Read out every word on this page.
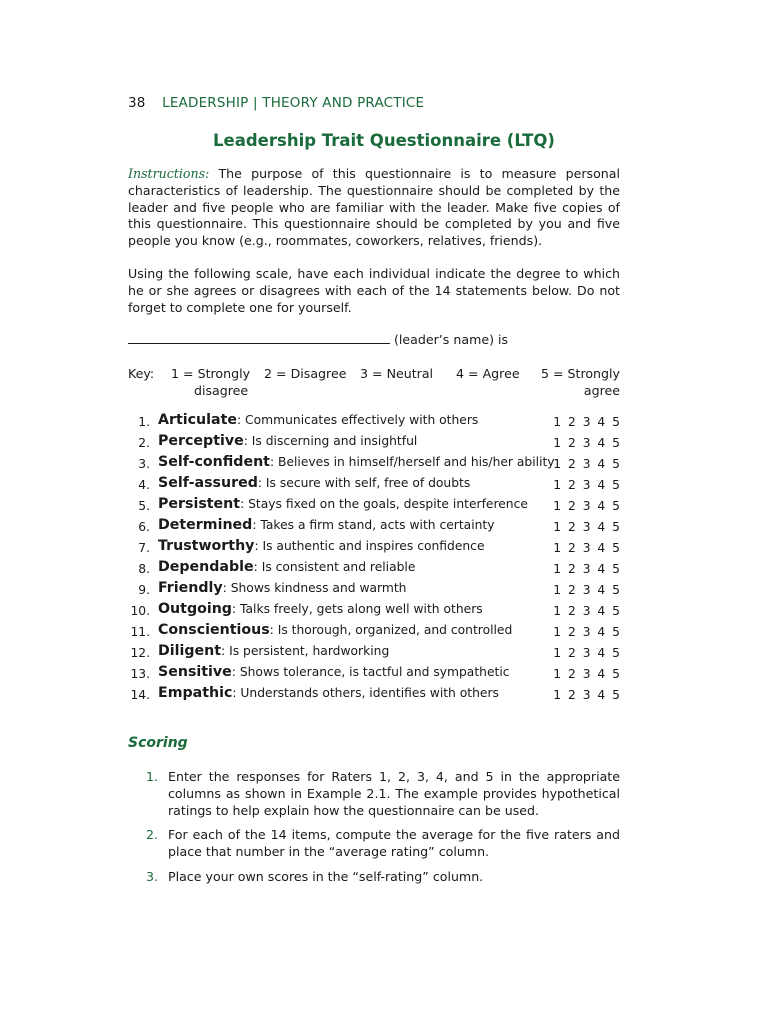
38 LEADERSHIP | THEORY AND PRACTICE
Leadership Trait Questionnaire (LTQ)
Instructions: The purpose of this questionnaire is to measure personal characteristics of leadership. The questionnaire should be completed by the leader and five people who are familiar with the leader. Make five copies of this questionnaire. This questionnaire should be completed by you and five people you know (e.g., roommates, coworkers, relatives, friends).
Using the following scale, have each individual indicate the degree to which he or she agrees or disagrees with each of the 14 statements below. Do not forget to complete one for yourself.
(leader’s name) is
Key: 1 = Strongly
disagree
2 = Disagree 3 = Neutral 4 = Agree 5 = Strongly
agree
1. Articulate: Communicates effectively with others	1 2 3 4 5
2. Perceptive: Is discerning and insightful	1 2 3 4 5
3. Self-confident: Believes in himself/herself and his/her ability
1 2 3 4 5
4. Self-assured: Is secure with self, free of doubts	1 2 3 4 5
5. Persistent: Stays fixed on the goals, despite interference 1 2 3 4 5
6. Determined: Takes a firm stand, acts with certainty	1 2 3 4 5
7. Trustworthy: Is authentic and inspires confidence	1 2 3 4 5
8. Dependable: Is consistent and reliable	1 2 3 4 5
9. Friendly: Shows kindness and warmth	1 2 3 4 5
10. Outgoing: Talks freely, gets along well with others	1 2 3 4 5
11. Conscientious: Is thorough, organized, and controlled	1 2 3 4 5
12. Diligent: Is persistent, hardworking	1 2 3 4 5
13. Sensitive: Shows tolerance, is tactful and sympathetic	1 2 3 4 5
14. Empathic: Understands others, identifies with others	1 2 3 4 5
Scoring
1. Enter the responses for Raters 1, 2, 3, 4, and 5 in the appropriate columns as shown in Example 2.1. The example provides hypothetical ratings to help explain how the questionnaire can be used.
2. For each of the 14 items, compute the average for the five raters and place that number in the “average rating” column.
3. Place your own scores in the “self-rating” column.
